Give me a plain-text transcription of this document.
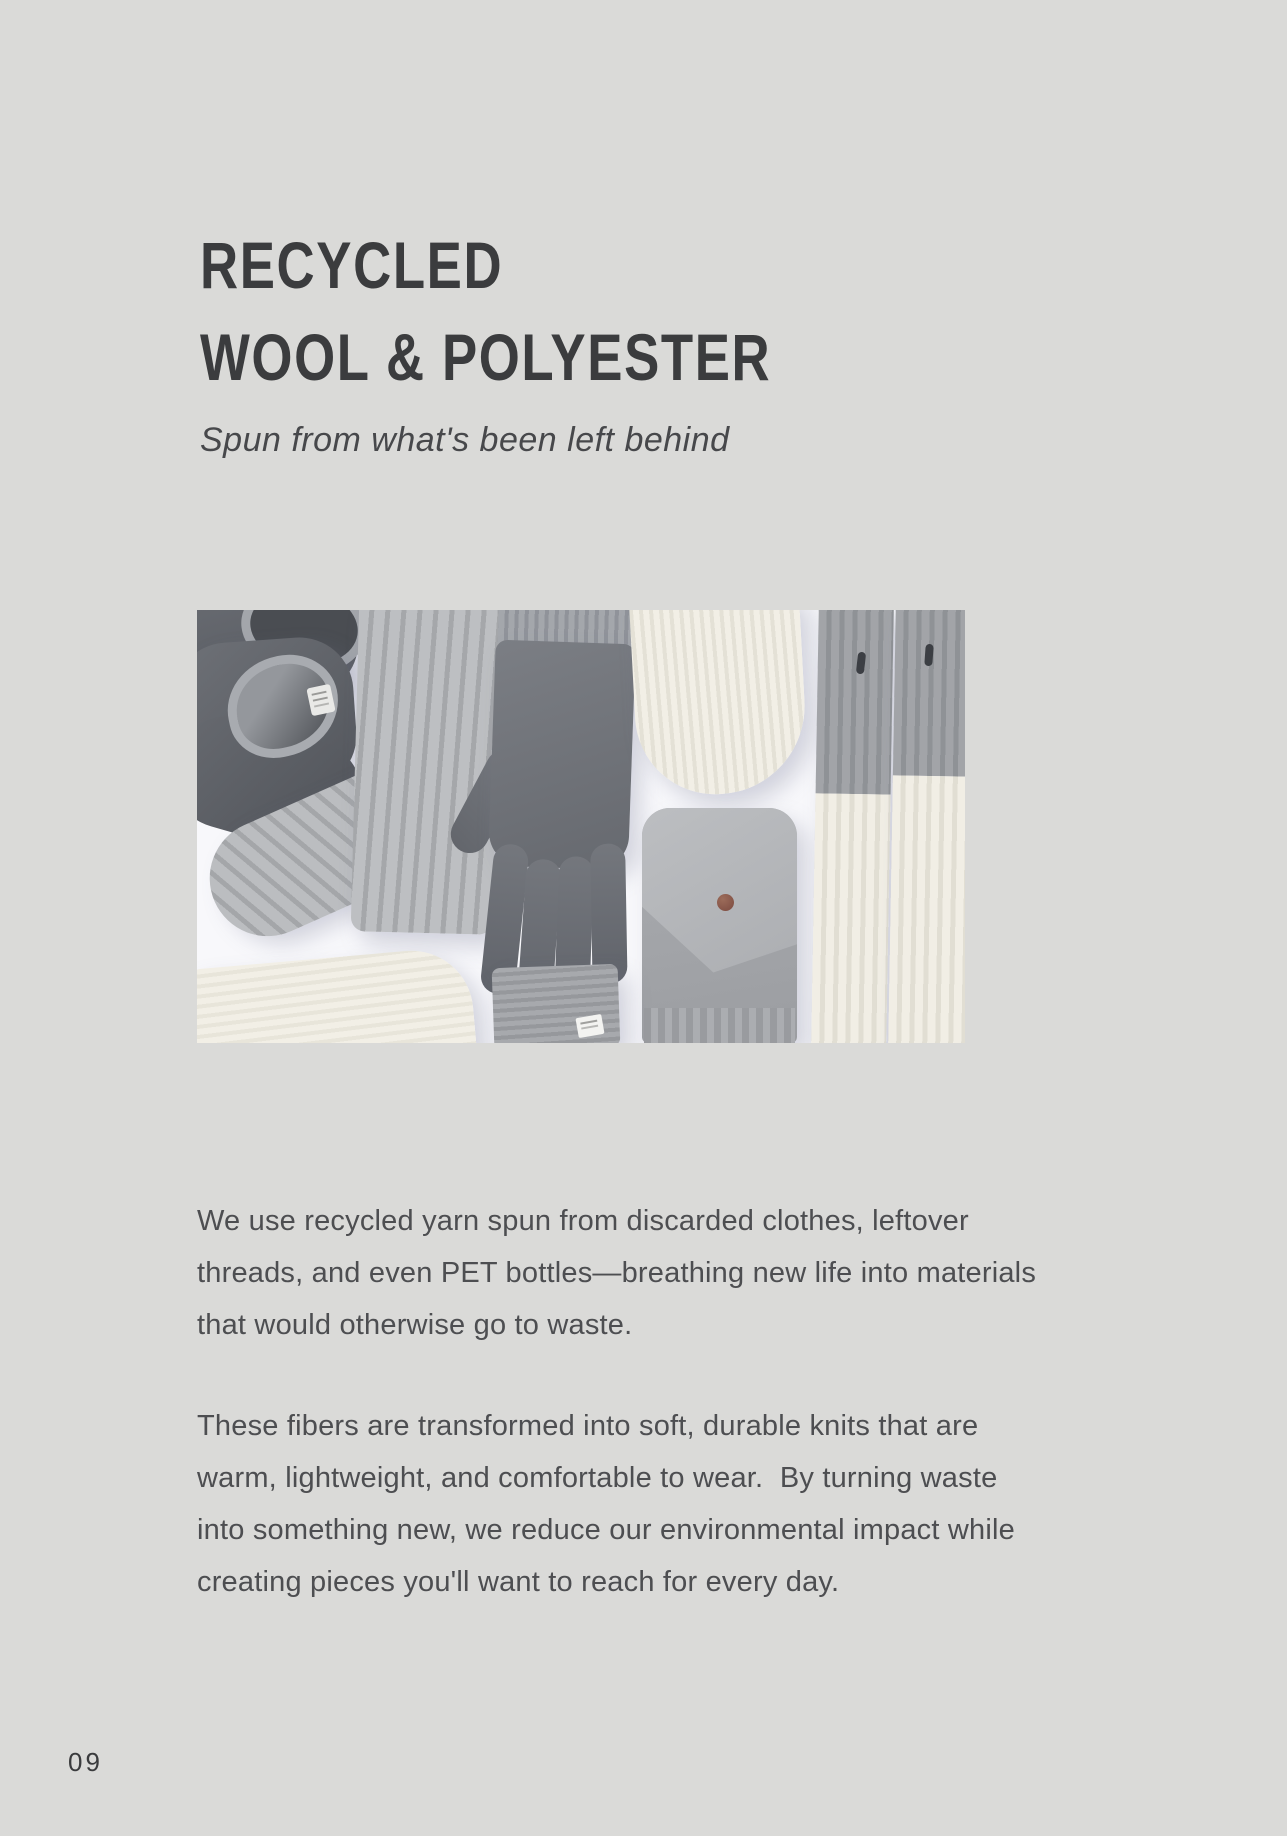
RECYCLED
WOOL & POLYESTER
Spun from what's been left behind
We use recycled yarn spun from discarded clothes, leftover
threads, and even PET bottles—breathing new life into materials
that would otherwise go to waste.
These fibers are transformed into soft, durable knits that are
warm, lightweight, and comfortable to wear.  By turning waste
into something new, we reduce our environmental impact while
creating pieces you'll want to reach for every day.
09
